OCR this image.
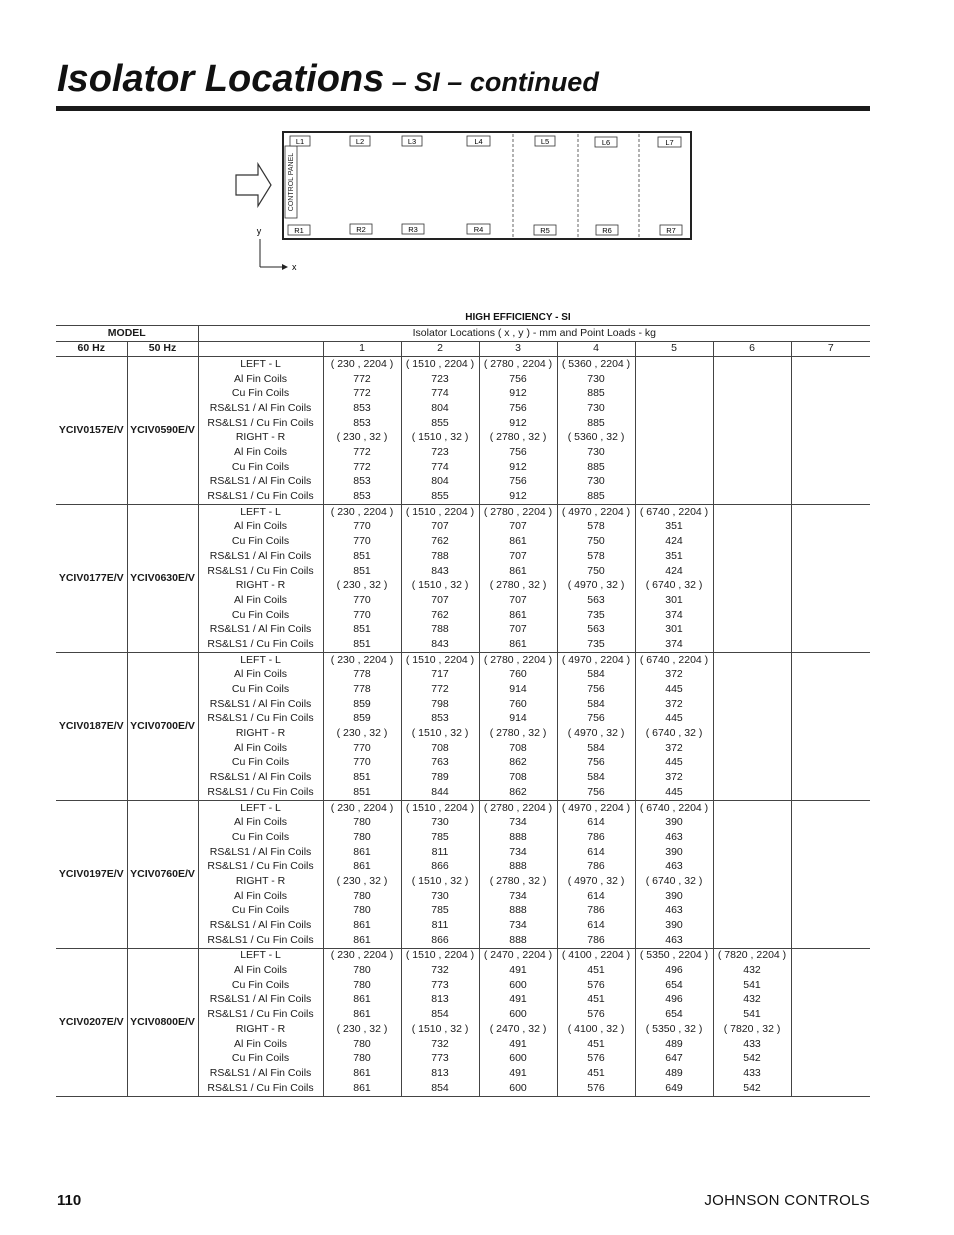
Isolator Locations – SI – continued
CONTROL PANEL
L1	L2	L3	L4	L5	L6	L7
R1	R2	R3	R4	R5	R6	R7
y
x
HIGH EFFICIENCY - SI
MODEL		Isolator Locations ( x , y ) - mm and Point Loads - kg							
60 Hz	50 Hz		1	2	3	4	5	6	7
YCIV0157E/V	YCIV0590E/V	LEFT - L	( 230 , 2204 )	( 1510 , 2204 )	( 2780 , 2204 )	( 5360 , 2204 )			
		Al Fin Coils	772	723	756	730			
		Cu Fin Coils	772	774	912	885			
		RS&LS1 / Al Fin Coils	853	804	756	730			
		RS&LS1 / Cu Fin Coils	853	855	912	885			
		RIGHT - R	( 230 , 32 )	( 1510 , 32 )	( 2780 , 32 )	( 5360 , 32 )			
		Al Fin Coils	772	723	756	730			
		Cu Fin Coils	772	774	912	885			
		RS&LS1 / Al Fin Coils	853	804	756	730			
		RS&LS1 / Cu Fin Coils	853	855	912	885			
YCIV0177E/V	YCIV0630E/V	LEFT - L	( 230 , 2204 )	( 1510 , 2204 )	( 2780 , 2204 )	( 4970 , 2204 )	( 6740 , 2204 )		
		Al Fin Coils	770	707	707	578	351		
		Cu Fin Coils	770	762	861	750	424		
		RS&LS1 / Al Fin Coils	851	788	707	578	351		
		RS&LS1 / Cu Fin Coils	851	843	861	750	424		
		RIGHT - R	( 230 , 32 )	( 1510 , 32 )	( 2780 , 32 )	( 4970 , 32 )	( 6740 , 32 )		
		Al Fin Coils	770	707	707	563	301		
		Cu Fin Coils	770	762	861	735	374		
		RS&LS1 / Al Fin Coils	851	788	707	563	301		
		RS&LS1 / Cu Fin Coils	851	843	861	735	374		
YCIV0187E/V	YCIV0700E/V	LEFT - L	( 230 , 2204 )	( 1510 , 2204 )	( 2780 , 2204 )	( 4970 , 2204 )	( 6740 , 2204 )		
		Al Fin Coils	778	717	760	584	372		
		Cu Fin Coils	778	772	914	756	445		
		RS&LS1 / Al Fin Coils	859	798	760	584	372		
		RS&LS1 / Cu Fin Coils	859	853	914	756	445		
		RIGHT - R	( 230 , 32 )	( 1510 , 32 )	( 2780 , 32 )	( 4970 , 32 )	( 6740 , 32 )		
		Al Fin Coils	770	708	708	584	372		
		Cu Fin Coils	770	763	862	756	445		
		RS&LS1 / Al Fin Coils	851	789	708	584	372		
		RS&LS1 / Cu Fin Coils	851	844	862	756	445		
YCIV0197E/V	YCIV0760E/V	LEFT - L	( 230 , 2204 )	( 1510 , 2204 )	( 2780 , 2204 )	( 4970 , 2204 )	( 6740 , 2204 )		
		Al Fin Coils	780	730	734	614	390		
		Cu Fin Coils	780	785	888	786	463		
		RS&LS1 / Al Fin Coils	861	811	734	614	390		
		RS&LS1 / Cu Fin Coils	861	866	888	786	463		
		RIGHT - R	( 230 , 32 )	( 1510 , 32 )	( 2780 , 32 )	( 4970 , 32 )	( 6740 , 32 )		
		Al Fin Coils	780	730	734	614	390		
		Cu Fin Coils	780	785	888	786	463		
		RS&LS1 / Al Fin Coils	861	811	734	614	390		
		RS&LS1 / Cu Fin Coils	861	866	888	786	463		
YCIV0207E/V	YCIV0800E/V	LEFT - L	( 230 , 2204 )	( 1510 , 2204 )	( 2470 , 2204 )	( 4100 , 2204 )	( 5350 , 2204 )	( 7820 , 2204 )	
		Al Fin Coils	780	732	491	451	496	432	
		Cu Fin Coils	780	773	600	576	654	541	
		RS&LS1 / Al Fin Coils	861	813	491	451	496	432	
		RS&LS1 / Cu Fin Coils	861	854	600	576	654	541	
		RIGHT - R	( 230 , 32 )	( 1510 , 32 )	( 2470 , 32 )	( 4100 , 32 )	( 5350 , 32 )	( 7820 , 32 )	
		Al Fin Coils	780	732	491	451	489	433	
		Cu Fin Coils	780	773	600	576	647	542	
		RS&LS1 / Al Fin Coils	861	813	491	451	489	433	
		RS&LS1 / Cu Fin Coils	861	854	600	576	649	542	
110	JOHNSON CONTROLS
